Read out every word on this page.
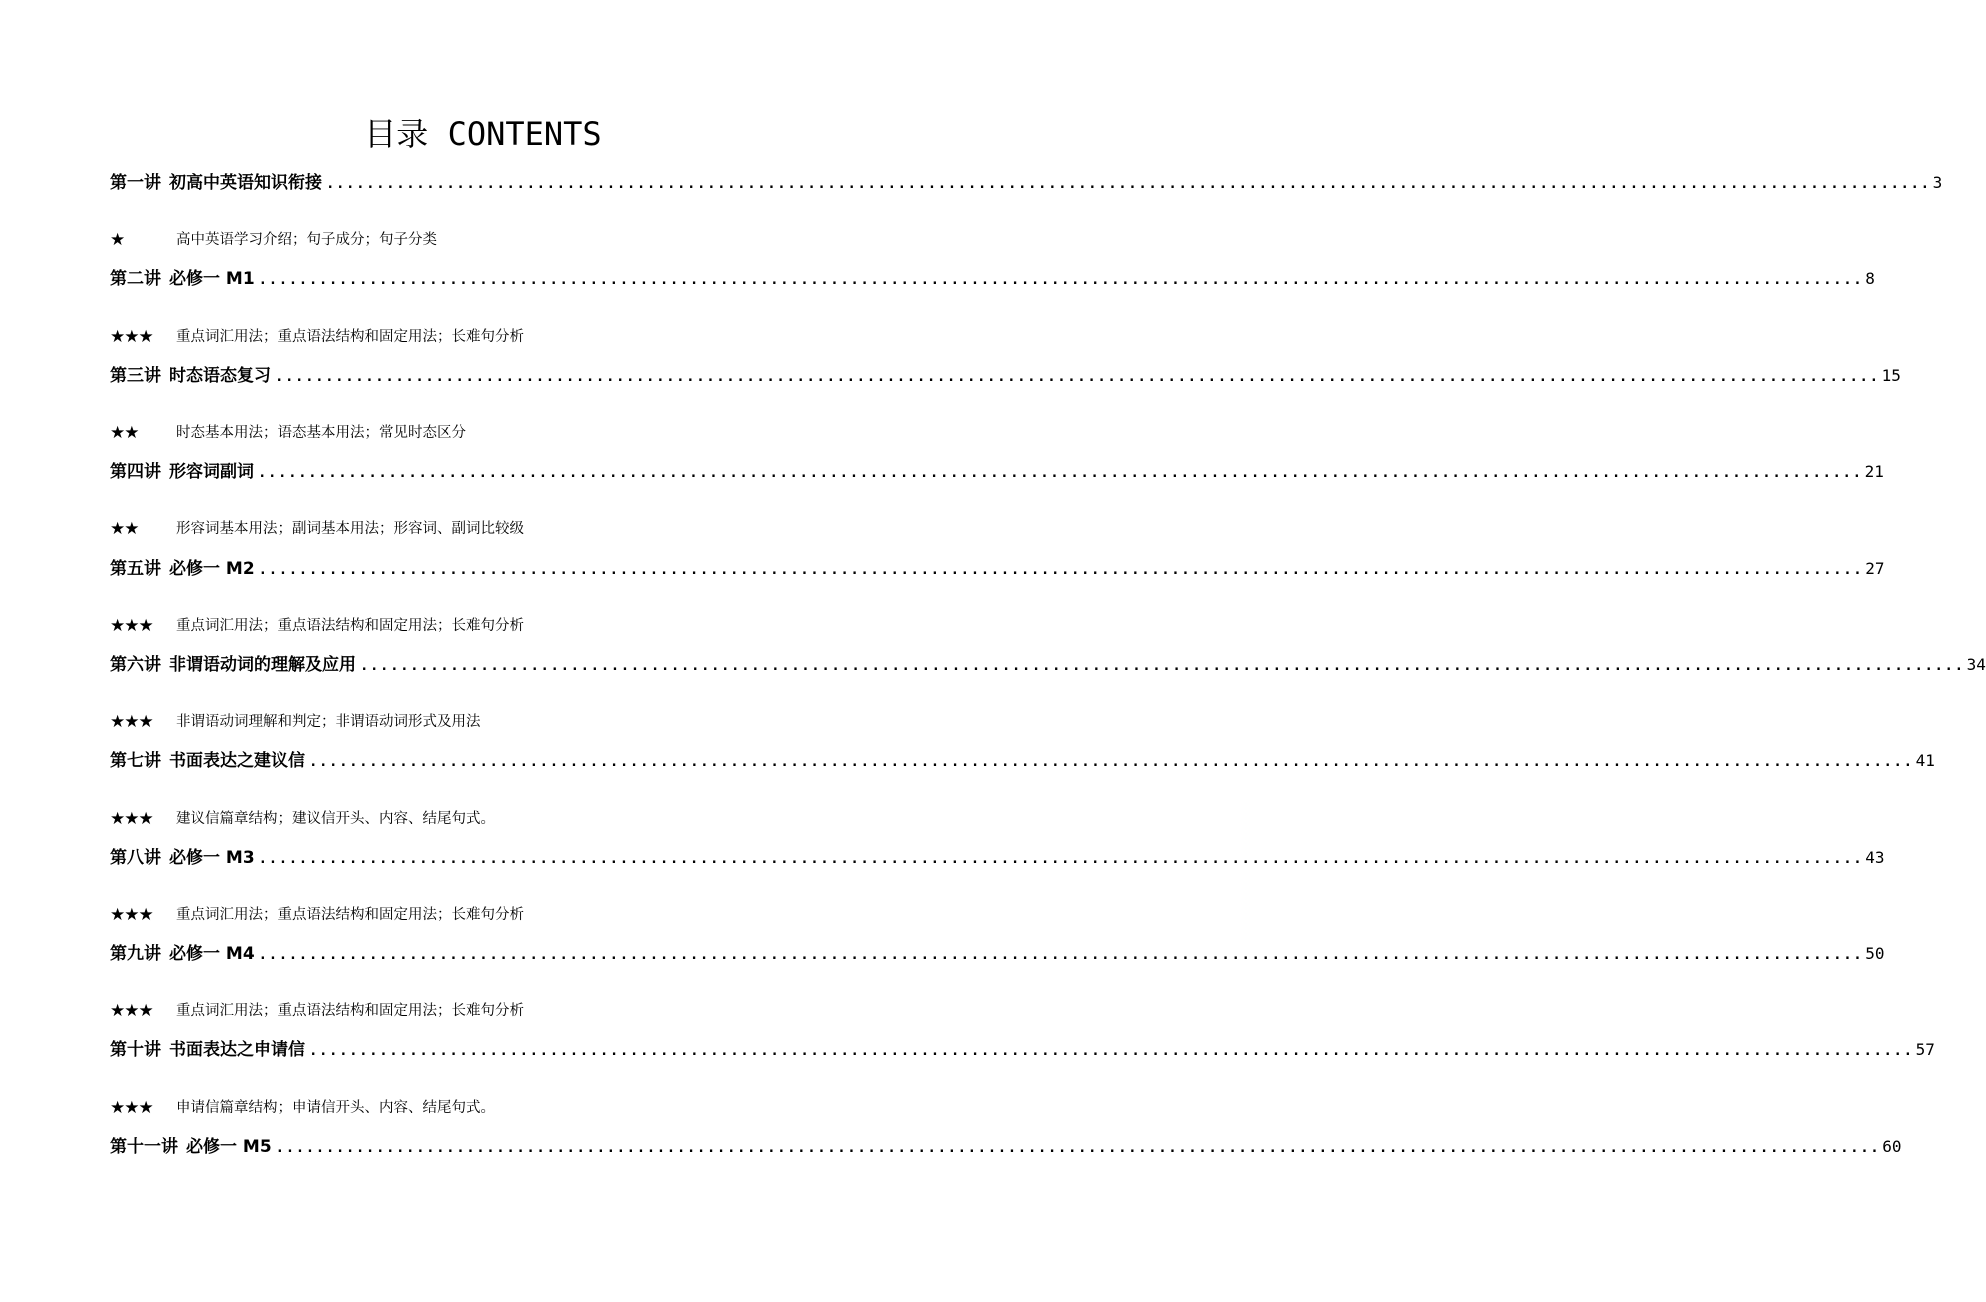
目录 CONTENTS
第一讲 初高中英语知识衔接 ................................................................................................................................................................ 3
★	高中英语学习介绍；句子成分；句子分类
第二讲 必修一 M1 ................................................................................................................................................................ 8
★★★	重点词汇用法；重点语法结构和固定用法；长难句分析
第三讲 时态语态复习 ................................................................................................................................................................ 15
★★	时态基本用法；语态基本用法；常见时态区分
第四讲 形容词副词 ................................................................................................................................................................ 21
★★	形容词基本用法；副词基本用法；形容词、副词比较级
第五讲 必修一 M2 ................................................................................................................................................................ 27
★★★	重点词汇用法；重点语法结构和固定用法；长难句分析
第六讲 非谓语动词的理解及应用 ................................................................................................................................................................ 34
★★★	非谓语动词理解和判定；非谓语动词形式及用法
第七讲 书面表达之建议信 ................................................................................................................................................................ 41
★★★	建议信篇章结构；建议信开头、内容、结尾句式。
第八讲 必修一 M3 ................................................................................................................................................................ 43
★★★	重点词汇用法；重点语法结构和固定用法；长难句分析
第九讲 必修一 M4 ................................................................................................................................................................ 50
★★★	重点词汇用法；重点语法结构和固定用法；长难句分析
第十讲 书面表达之申请信 ................................................................................................................................................................ 57
★★★	申请信篇章结构；申请信开头、内容、结尾句式。
第十一讲 必修一 M5 ................................................................................................................................................................ 60
